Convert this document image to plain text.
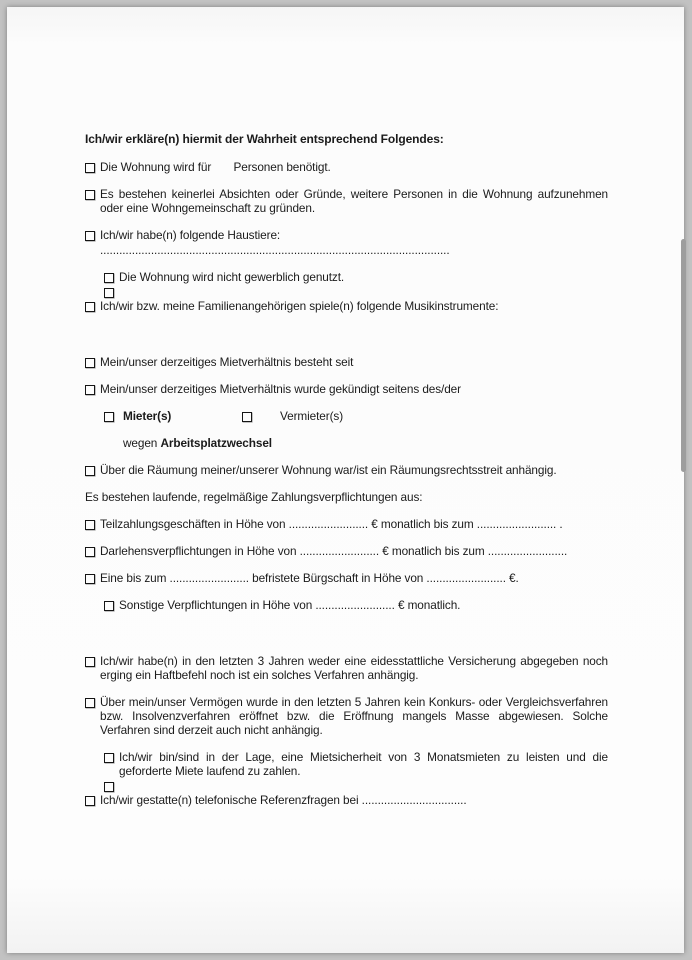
Ich/wir erkläre(n) hiermit der Wahrheit entsprechend Folgendes:

Die Wohnung wird für       Personen benötigt.
Es bestehen keinerlei Absichten oder Gründe, weitere Personen in die Wohnung aufzunehmen oder eine Wohngemeinschaft zu gründen.
Ich/wir habe(n) folgende Haustiere:
..............................................................................................................
Die Wohnung wird nicht gewerblich genutzt.
Ich/wir bzw. meine Familienangehörigen spiele(n) folgende Musikinstrumente:
Mein/unser derzeitiges Mietverhältnis besteht seit
Mein/unser derzeitiges Mietverhältnis wurde gekündigt seitens des/der
Mieter(s)	Vermieter(s)
wegen Arbeitsplatzwechsel
Über die Räumung meiner/unserer Wohnung war/ist ein Räumungsrechtsstreit anhängig.
Es bestehen laufende, regelmäßige Zahlungsverpflichtungen aus:
Teilzahlungsgeschäften in Höhe von ......................... € monatlich bis zum ......................... .
Darlehensverpflichtungen in Höhe von ......................... € monatlich bis zum .........................
Eine bis zum ......................... befristete Bürgschaft in Höhe von ......................... €.
Sonstige Verpflichtungen in Höhe von ......................... € monatlich.
Ich/wir habe(n) in den letzten 3 Jahren weder eine eidesstattliche Versicherung abgegeben noch erging ein Haftbefehl noch ist ein solches Verfahren anhängig.
Über mein/unser Vermögen wurde in den letzten 5 Jahren kein Konkurs- oder Vergleichsverfahren bzw. Insolvenzverfahren eröffnet bzw. die Eröffnung mangels Masse abgewiesen. Solche Verfahren sind derzeit auch nicht anhängig.
Ich/wir bin/sind in der Lage, eine Mietsicherheit von 3 Monatsmieten zu leisten und die geforderte Miete laufend zu zahlen.
Ich/wir gestatte(n) telefonische Referenzfragen bei .................................
